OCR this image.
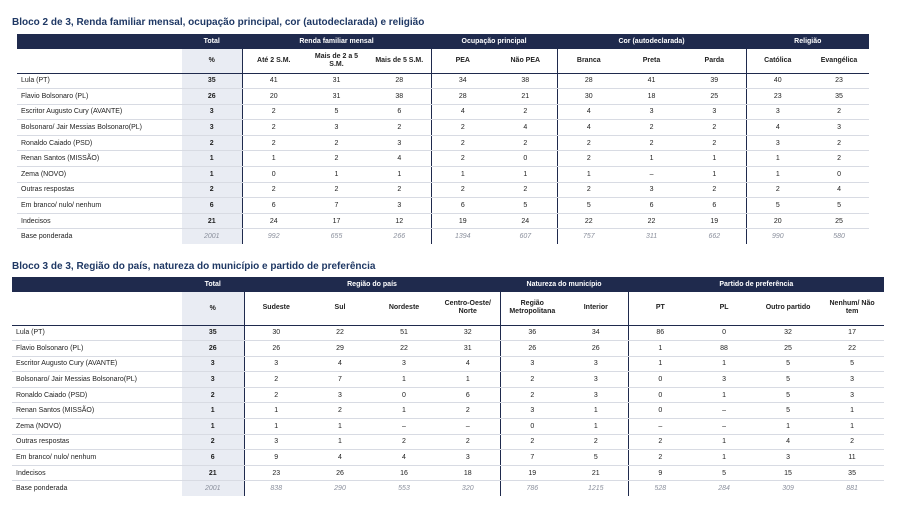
Bloco 2 de 3, Renda familiar mensal, ocupação principal, cor (autodeclarada) e religião
	Total	Renda familiar mensal			Ocupação principal		Cor (autodeclarada)			Religião	
	%	Até 2 S.M.	Mais de 2 a 5 S.M.	Mais de 5 S.M.	PEA	Não PEA	Branca	Preta	Parda	Católica	Evangélica
Lula (PT)	35	41	31	28	34	38	28	41	39	40	23
Flavio Bolsonaro (PL)	26	20	31	38	28	21	30	18	25	23	35
Escritor Augusto Cury (AVANTE)	3	2	5	6	4	2	4	3	3	3	2
Bolsonaro/ Jair Messias Bolsonaro(PL)	3	2	3	2	2	4	4	2	2	4	3
Ronaldo Caiado (PSD)	2	2	2	3	2	2	2	2	2	3	2
Renan Santos (MISSÃO)	1	1	2	4	2	0	2	1	1	1	2
Zema (NOVO)	1	0	1	1	1	1	1	–	1	1	0
Outras respostas	2	2	2	2	2	2	2	3	2	2	4
Em branco/ nulo/ nenhum	6	6	7	3	6	5	5	6	6	5	5
Indecisos	21	24	17	12	19	24	22	22	19	20	25
Base ponderada	2001	992	655	266	1394	607	757	311	662	990	580
Bloco 3 de 3, Região do país, natureza do município e partido de preferência
	Total	Região do país				Natureza do município		Partido de preferência			
	%	Sudeste	Sul	Nordeste	Centro-Oeste/ Norte	Região Metropolitana	Interior	PT	PL	Outro partido	Nenhum/ Não tem
Lula (PT)	35	30	22	51	32	36	34	86	0	32	17
Flavio Bolsonaro (PL)	26	26	29	22	31	26	26	1	88	25	22
Escritor Augusto Cury (AVANTE)	3	3	4	3	4	3	3	1	1	5	5
Bolsonaro/ Jair Messias Bolsonaro(PL)	3	2	7	1	1	2	3	0	3	5	3
Ronaldo Caiado (PSD)	2	2	3	0	6	2	3	0	1	5	3
Renan Santos (MISSÃO)	1	1	2	1	2	3	1	0	–	5	1
Zema (NOVO)	1	1	1	–	–	0	1	–	–	1	1
Outras respostas	2	3	1	2	2	2	2	2	1	4	2
Em branco/ nulo/ nenhum	6	9	4	4	3	7	5	2	1	3	11
Indecisos	21	23	26	16	18	19	21	9	5	15	35
Base ponderada	2001	838	290	553	320	786	1215	528	284	309	881
